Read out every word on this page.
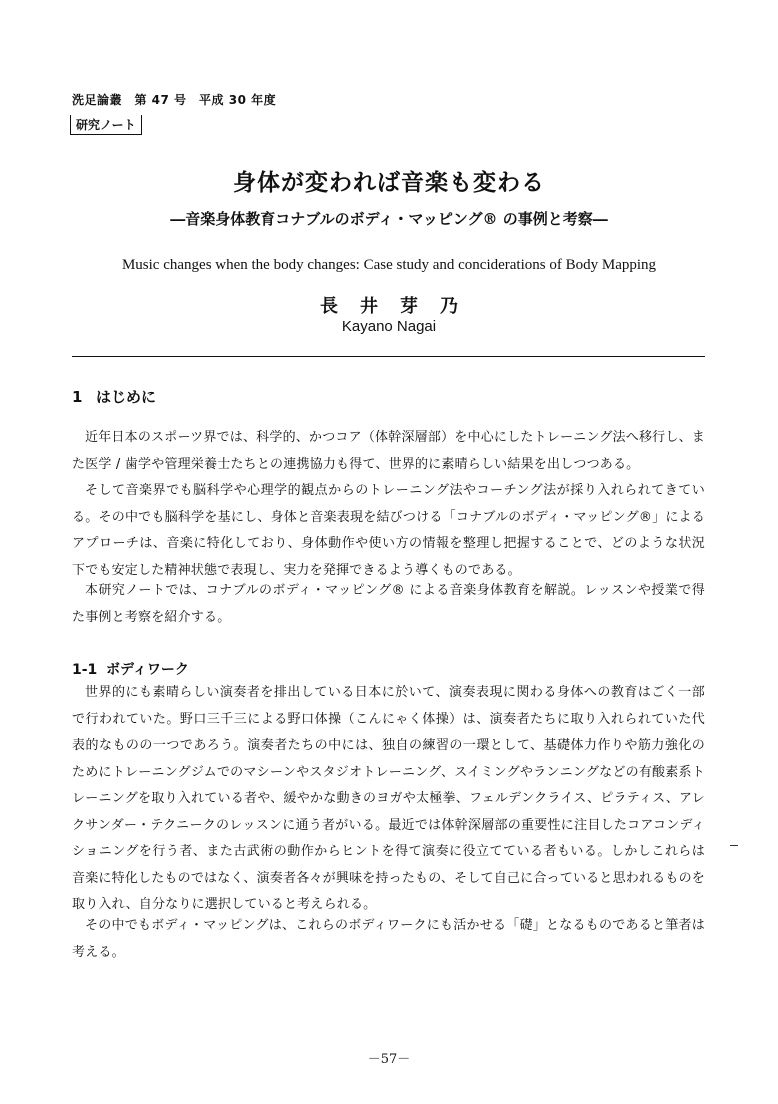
洗足論叢　第 47 号　平成 30 年度
研究ノート
身体が変われば音楽も変わる
―音楽身体教育コナブルのボディ・マッピング® の事例と考察―
Music changes when the body changes: Case study and conciderations of Body Mapping
長井芽乃
Kayano Nagai
1 はじめに

近年日本のスポーツ界では、科学的、かつコア（体幹深層部）を中心にしたトレーニング法へ移行し、また医学 / 歯学や管理栄養士たちとの連携協力も得て、世界的に素晴らしい結果を出しつつある。

そして音楽界でも脳科学や心理学的観点からのトレーニング法やコーチング法が採り入れられてきている。その中でも脳科学を基にし、身体と音楽表現を結びつける「コナブルのボディ・マッピング®」によるアプローチは、音楽に特化しており、身体動作や使い方の情報を整理し把握することで、どのような状況下でも安定した精神状態で表現し、実力を発揮できるよう導くものである。

本研究ノートでは、コナブルのボディ・マッピング® による音楽身体教育を解説。レッスンや授業で得た事例と考察を紹介する。

1-1 ボディワーク

世界的にも素晴らしい演奏者を排出している日本に於いて、演奏表現に関わる身体への教育はごく一部で行われていた。野口三千三による野口体操（こんにゃく体操）は、演奏者たちに取り入れられていた代表的なものの一つであろう。演奏者たちの中には、独自の練習の一環として、基礎体力作りや筋力強化のためにトレーニングジムでのマシーンやスタジオトレーニング、スイミングやランニングなどの有酸素系トレーニングを取り入れている者や、緩やかな動きのヨガや太極拳、フェルデンクライス、ピラティス、アレクサンダー・テクニークのレッスンに通う者がいる。最近では体幹深層部の重要性に注目したコアコンディショニングを行う者、また古武術の動作からヒントを得て演奏に役立てている者もいる。しかしこれらは音楽に特化したものではなく、演奏者各々が興味を持ったもの、そして自己に合っていると思われるものを取り入れ、自分なりに選択していると考えられる。

その中でもボディ・マッピングは、これらのボディワークにも活かせる「礎」となるものであると筆者は考える。

－57－
